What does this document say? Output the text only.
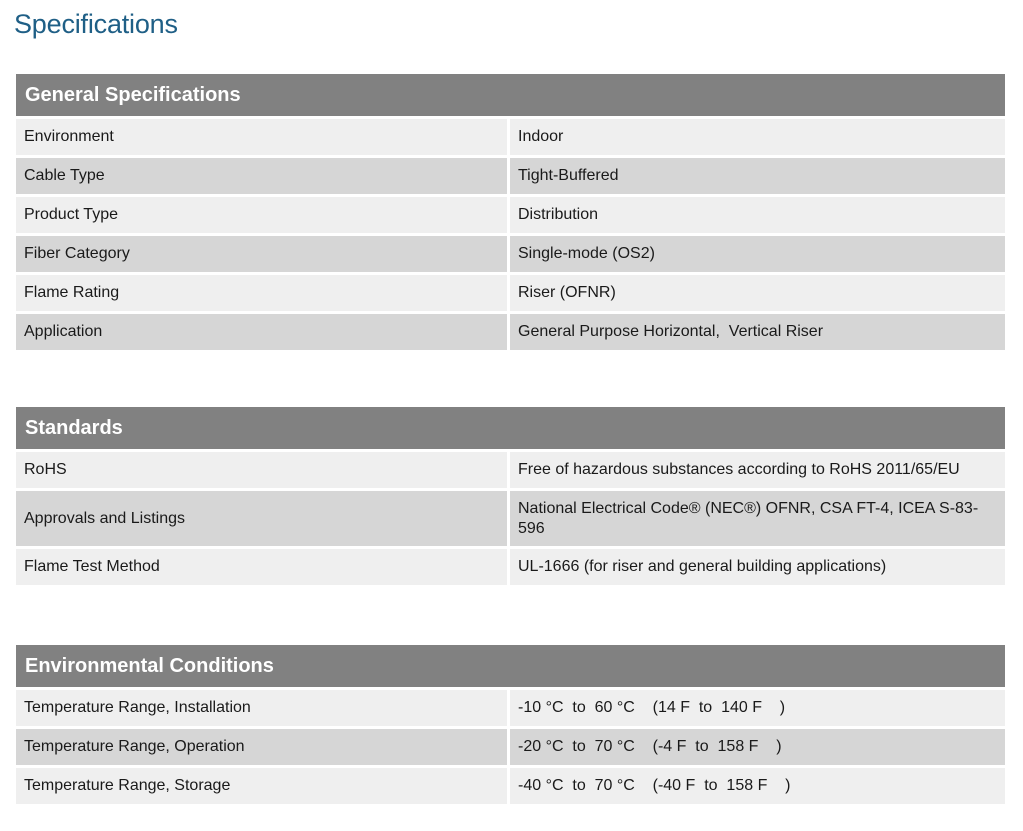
Specifications
General Specifications	
Environment	Indoor
Cable Type	Tight-Buffered
Product Type	Distribution
Fiber Category	Single-mode (OS2)
Flame Rating	Riser (OFNR)
Application	General Purpose Horizontal,  Vertical Riser
Standards	
RoHS	Free of hazardous substances according to RoHS 2011/65/EU
Approvals and Listings	National Electrical Code® (NEC®) OFNR, CSA FT-4, ICEA S-83-596
Flame Test Method	UL-1666 (for riser and general building applications)
Environmental Conditions	
Temperature Range, Installation	-10 °C  to  60 °C    (14 F  to  140 F    )
Temperature Range, Operation	-20 °C  to  70 °C    (-4 F  to  158 F    )
Temperature Range, Storage	-40 °C  to  70 °C    (-40 F  to  158 F    )
